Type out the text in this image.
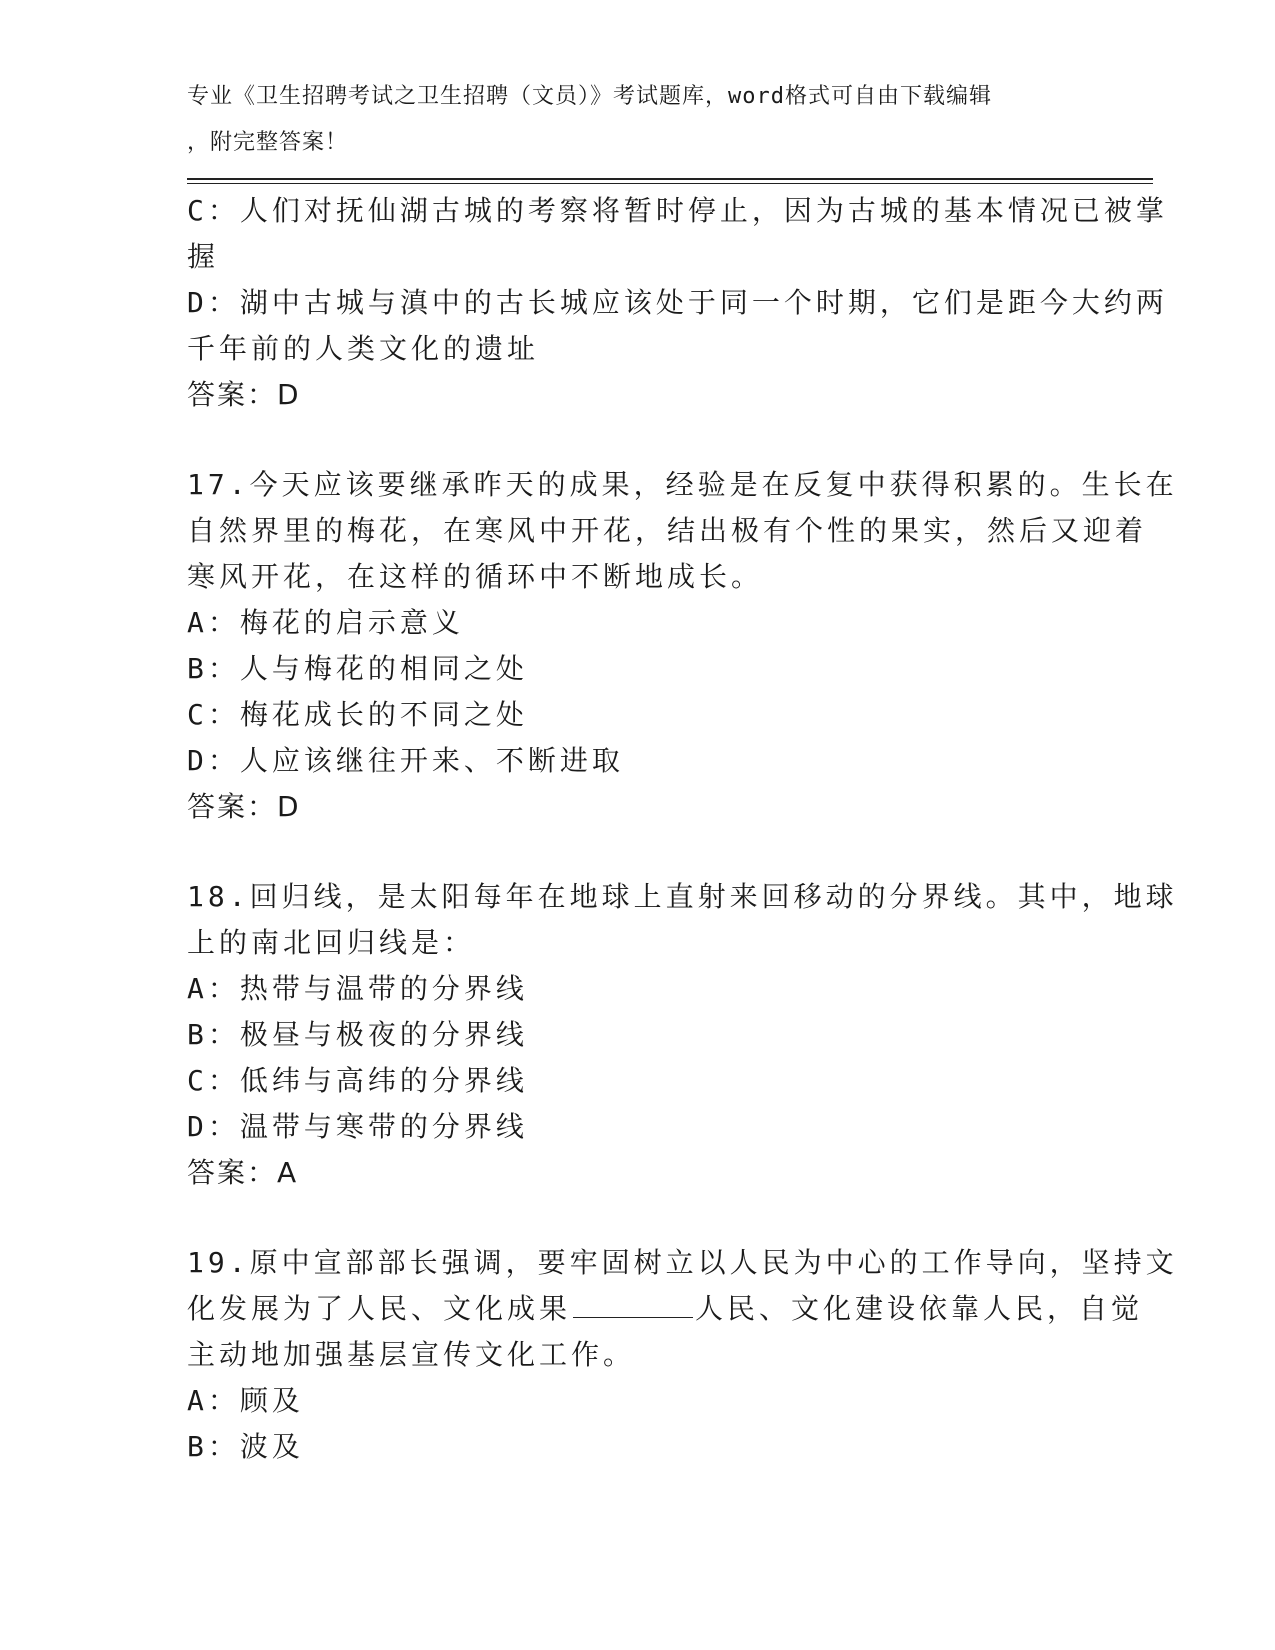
专业《卫生招聘考试之卫生招聘（文员）》考试题库，word格式可自由下载编辑
，附完整答案！
C：人们对抚仙湖古城的考察将暂时停止，因为古城的基本情况已被掌
握
D：湖中古城与滇中的古长城应该处于同一个时期，它们是距今大约两
千年前的人类文化的遗址
答案：D
17.今天应该要继承昨天的成果，经验是在反复中获得积累的。生长在
自然界里的梅花，在寒风中开花，结出极有个性的果实，然后又迎着
寒风开花，在这样的循环中不断地成长。
A：梅花的启示意义
B：人与梅花的相同之处
C：梅花成长的不同之处
D：人应该继往开来、不断进取
答案：D
18.回归线，是太阳每年在地球上直射来回移动的分界线。其中，地球
上的南北回归线是：
A：热带与温带的分界线
B：极昼与极夜的分界线
C：低纬与高纬的分界线
D：温带与寒带的分界线
答案：A
19.原中宣部部长强调，要牢固树立以人民为中心的工作导向，坚持文
化发展为了人民、文化成果	人民、文化建设依靠人民，自觉
主动地加强基层宣传文化工作。
A：顾及
B：波及
